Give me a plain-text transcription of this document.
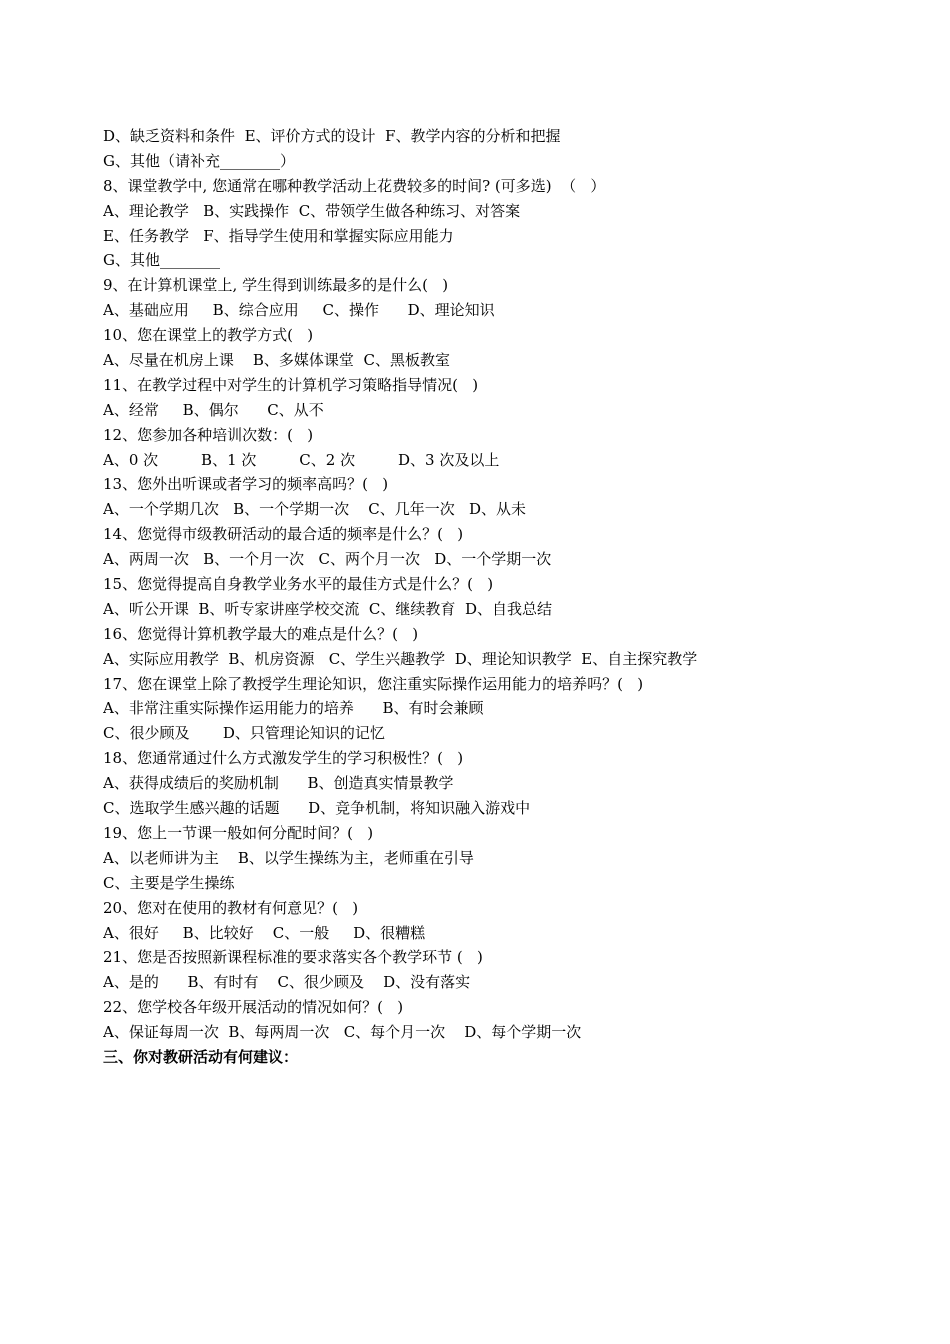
D、缺乏资料和条件  E、评价方式的设计  F、教学内容的分析和把握
G、其他（请补充________）
8、课堂教学中, 您通常在哪种教学活动上花费较多的时间? (可多选)  （   ）
A、理论教学   B、实践操作  C、带领学生做各种练习、对答案
E、任务教学   F、指导学生使用和掌握实际应用能力
G、其他________
9、在计算机课堂上, 学生得到训练最多的是什么(   )
A、基础应用     B、综合应用     C、操作      D、理论知识
10、您在课堂上的教学方式(   )
A、尽量在机房上课    B、多媒体课堂  C、黑板教室
11、在教学过程中对学生的计算机学习策略指导情况(   )
A、经常     B、偶尔      C、从不
12、您参加各种培训次数：(   )
A、0 次         B、1 次         C、2 次         D、3 次及以上
13、您外出听课或者学习的频率高吗？(   )
A、一个学期几次   B、一个学期一次    C、几年一次   D、从未
14、您觉得市级教研活动的最合适的频率是什么？(   )
A、两周一次   B、一个月一次   C、两个月一次   D、一个学期一次
15、您觉得提高自身教学业务水平的最佳方式是什么？(   )
A、听公开课  B、听专家讲座学校交流  C、继续教育  D、自我总结
16、您觉得计算机教学最大的难点是什么？(   )
A、实际应用教学  B、机房资源   C、学生兴趣教学  D、理论知识教学  E、自主探究教学
17、您在课堂上除了教授学生理论知识，您注重实际操作运用能力的培养吗？(   )
A、非常注重实际操作运用能力的培养      B、有时会兼顾
C、很少顾及       D、只管理论知识的记忆
18、您通常通过什么方式激发学生的学习积极性？(   )
A、获得成绩后的奖励机制      B、创造真实情景教学
C、选取学生感兴趣的话题      D、竞争机制，将知识融入游戏中
19、您上一节课一般如何分配时间？(   )
A、以老师讲为主    B、以学生操练为主，老师重在引导
C、主要是学生操练
20、您对在使用的教材有何意见？(   )
A、很好     B、比较好    C、一般     D、很糟糕
21、您是否按照新课程标准的要求落实各个教学环节 (   )
A、是的      B、有时有    C、很少顾及    D、没有落实
22、您学校各年级开展活动的情况如何？(   )
A、保证每周一次  B、每两周一次   C、每个月一次    D、每个学期一次
三、你对教研活动有何建议：
